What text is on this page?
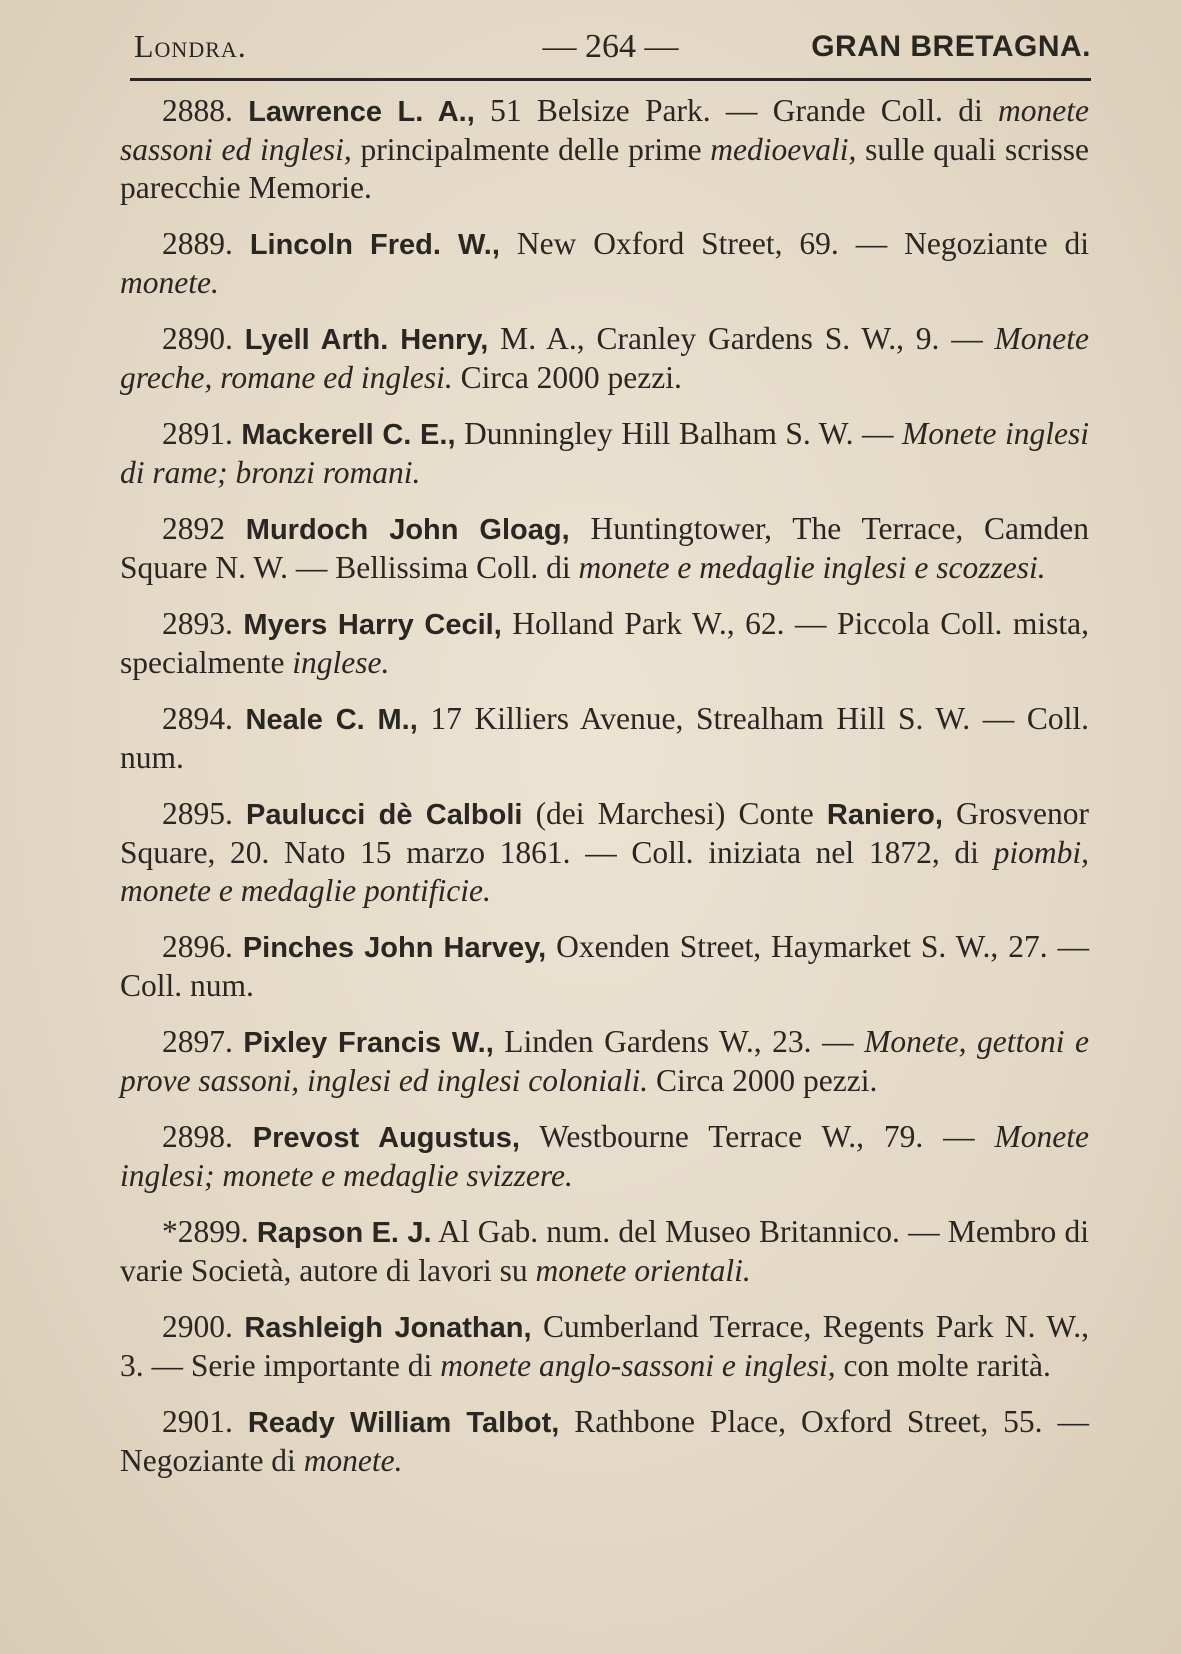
Londra.	— 264 —	GRAN BRETAGNA.

2888. Lawrence L. A., 51 Belsize Park. — Grande Coll. di monete sassoni ed inglesi, principalmente delle prime medioevali, sulle quali scrisse parecchie Memorie.

2889. Lincoln Fred. W., New Oxford Street, 69. — Negoziante di monete.

2890. Lyell Arth. Henry, M. A., Cranley Gardens S. W., 9. — Monete greche, romane ed inglesi. Circa 2000 pezzi.

2891. Mackerell C. E., Dunningley Hill Balham S. W. — Monete inglesi di rame; bronzi romani.

2892 Murdoch John Gloag, Huntingtower, The Terrace, Camden Square N. W. — Bellissima Coll. di monete e medaglie inglesi e scozzesi.

2893. Myers Harry Cecil, Holland Park W., 62. — Piccola Coll. mista, specialmente inglese.

2894. Neale C. M., 17 Killiers Avenue, Strealham Hill S. W. — Coll. num.

2895. Paulucci dè Calboli (dei Marchesi) Conte Raniero, Grosvenor Square, 20. Nato 15 marzo 1861. — Coll. iniziata nel 1872, di piombi, monete e medaglie pontificie.

2896. Pinches John Harvey, Oxenden Street, Haymarket S. W., 27. — Coll. num.

2897. Pixley Francis W., Linden Gardens W., 23. — Monete, gettoni e prove sassoni, inglesi ed inglesi coloniali. Circa 2000 pezzi.

2898. Prevost Augustus, Westbourne Terrace W., 79. — Monete inglesi; monete e medaglie svizzere.

*2899. Rapson E. J. Al Gab. num. del Museo Britannico. — Membro di varie Società, autore di lavori su monete orientali.

2900. Rashleigh Jonathan, Cumberland Terrace, Regents Park N. W., 3. — Serie importante di monete anglo-sassoni e inglesi, con molte rarità.

2901. Ready William Talbot, Rathbone Place, Oxford Street, 55. — Negoziante di monete.
